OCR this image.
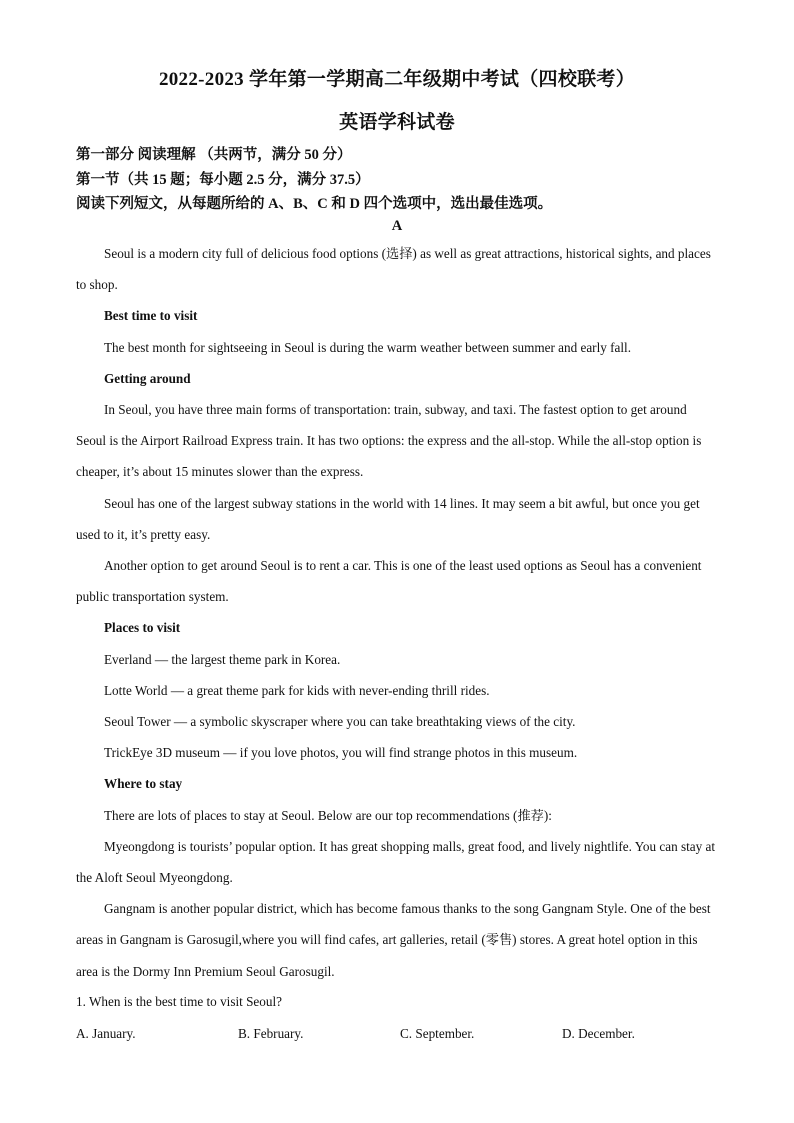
2022-2023 学年第一学期高二年级期中考试（四校联考）
英语学科试卷
第一部分 阅读理解 （共两节，满分 50 分）
第一节（共 15 题；每小题 2.5 分，满分 37.5）
阅读下列短文，从每题所给的 A、B、C 和 D 四个选项中，选出最佳选项。
A

Seoul is a modern city full of delicious food options (选择) as well as great attractions, historical sights, and places to shop.

Best time to visit

The best month for sightseeing in Seoul is during the warm weather between summer and early fall.

Getting around

In Seoul, you have three main forms of transportation: train, subway, and taxi. The fastest option to get around Seoul is the Airport Railroad Express train. It has two options: the express and the all-stop. While the all-stop option is cheaper, it’s about 15 minutes slower than the express.

Seoul has one of the largest subway stations in the world with 14 lines. It may seem a bit awful, but once you get used to it, it’s pretty easy.

Another option to get around Seoul is to rent a car. This is one of the least used options as Seoul has a convenient public transportation system.

Places to visit

Everland — the largest theme park in Korea.

Lotte World — a great theme park for kids with never-ending thrill rides.

Seoul Tower — a symbolic skyscraper where you can take breathtaking views of the city.

TrickEye 3D museum — if you love photos, you will find strange photos in this museum.

Where to stay

There are lots of places to stay at Seoul. Below are our top recommendations (推荐):

Myeongdong is tourists’ popular option. It has great shopping malls, great food, and lively nightlife. You can stay at the Aloft Seoul Myeongdong.

Gangnam is another popular district, which has become famous thanks to the song Gangnam Style. One of the best areas in Gangnam is Garosugil,where you will find cafes, art galleries, retail (零售) stores. A great hotel option in this area is the Dormy Inn Premium Seoul Garosugil.

1. When is the best time to visit Seoul?
A. January.	B. February.	C. September.	D. December.
